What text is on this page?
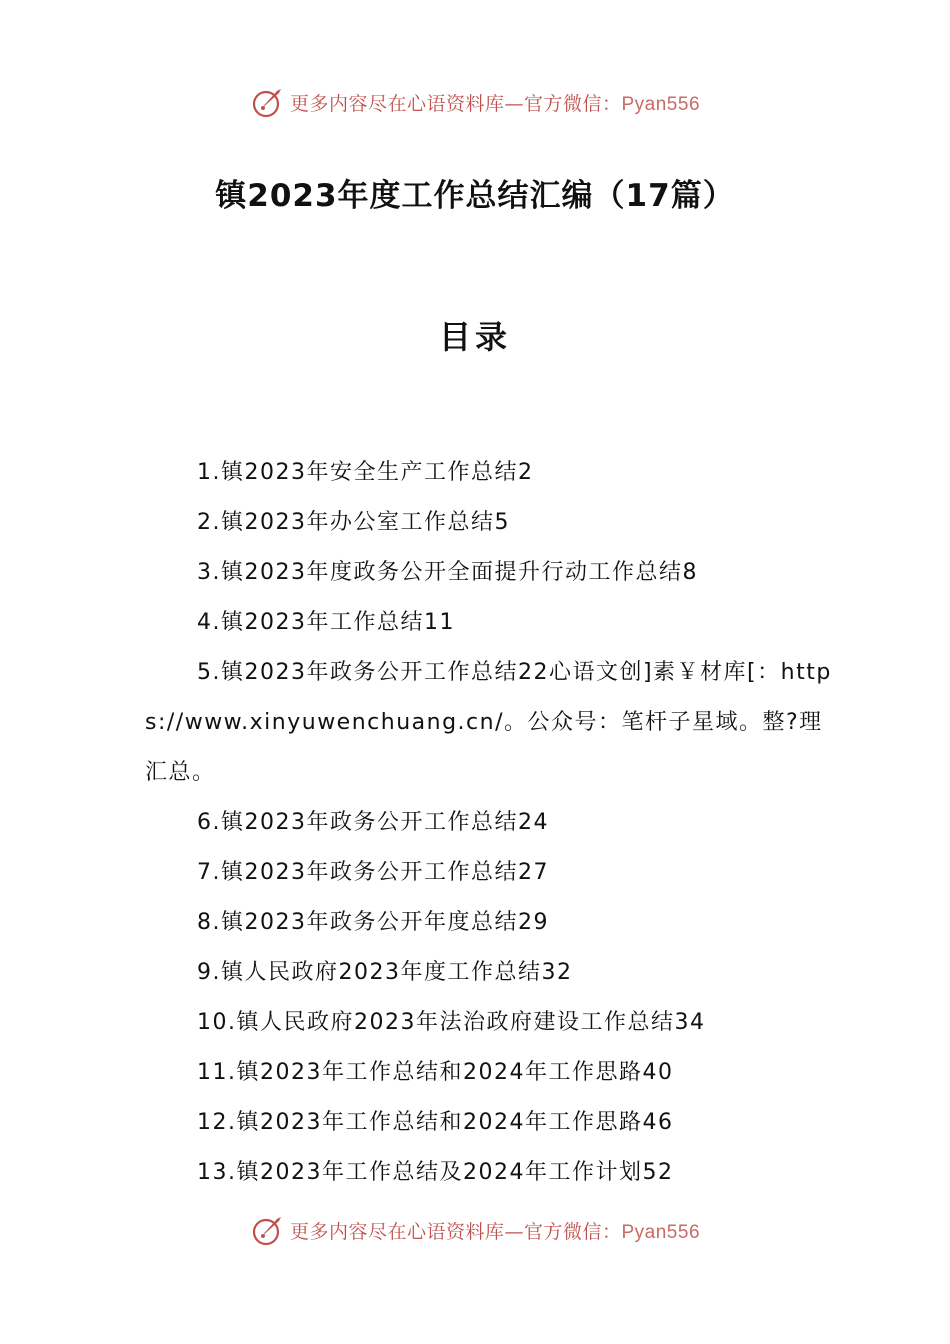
更多内容尽在心语资料库—官方微信：Pyan556
镇2023年度工作总结汇编（17篇）
目录
1.镇2023年安全生产工作总结2
2.镇2023年办公室工作总结5
3.镇2023年度政务公开全面提升行动工作总结8
4.镇2023年工作总结11
5.镇2023年政务公开工作总结22心语文创]素￥材库[：https://www.xinyuwenchuang.cn/。公众号：笔杆子星域。整?理汇总。
6.镇2023年政务公开工作总结24
7.镇2023年政务公开工作总结27
8.镇2023年政务公开年度总结29
9.镇人民政府2023年度工作总结32
10.镇人民政府2023年法治政府建设工作总结34
11.镇2023年工作总结和2024年工作思路40
12.镇2023年工作总结和2024年工作思路46
13.镇2023年工作总结及2024年工作计划52
更多内容尽在心语资料库—官方微信：Pyan556
